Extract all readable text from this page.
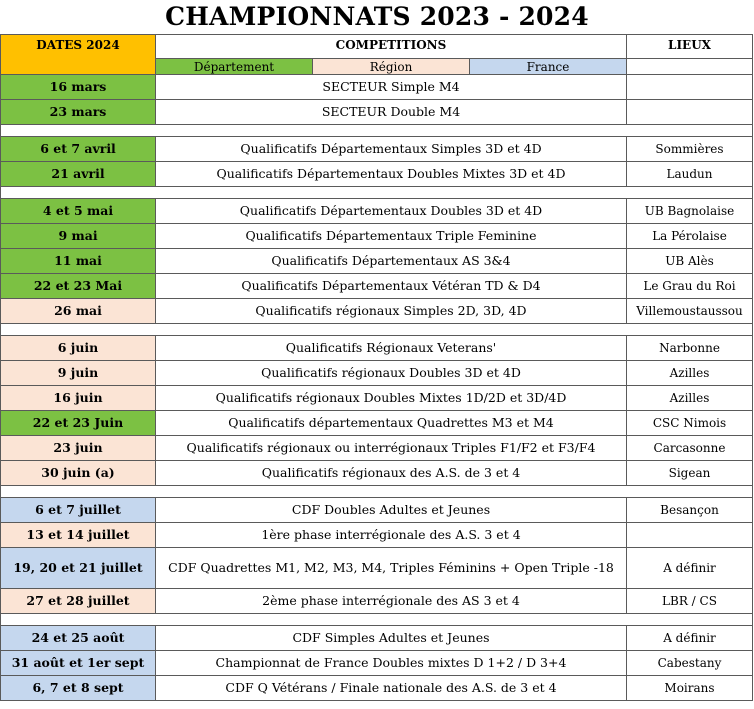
CHAMPIONNATS 2023 - 2024
DATES 2024	COMPETITIONS			LIEUX
	Département	Région	France	
16 mars	SECTEUR Simple M4			
23 mars	SECTEUR Double M4			

6 et 7 avril	Qualificatifs Départementaux Simples 3D et 4D			Sommières
21 avril	Qualificatifs Départementaux Doubles Mixtes 3D et 4D			Laudun

4 et 5 mai	Qualificatifs Départementaux Doubles 3D et 4D			UB Bagnolaise
9 mai	Qualificatifs Départementaux Triple Feminine			La Pérolaise
11 mai	Qualificatifs Départementaux AS 3&4			UB Alès
22 et 23 Mai	Qualificatifs Départementaux Vétéran TD & D4			Le Grau du Roi
26 mai	Qualificatifs régionaux Simples 2D, 3D, 4D			Villemoustaussou

6 juin	Qualificatifs Régionaux Veterans'			Narbonne
9 juin	Qualificatifs régionaux Doubles 3D et 4D			Azilles
16 juin	Qualificatifs régionaux Doubles Mixtes 1D/2D et 3D/4D			Azilles
22 et 23 Juin	Qualificatifs départementaux Quadrettes M3 et M4			CSC Nimois
23 juin	Qualificatifs régionaux ou interrégionaux Triples F1/F2 et F3/F4			Carcasonne
30 juin (a)	Qualificatifs régionaux des A.S. de 3 et 4			Sigean

6 et 7 juillet	CDF Doubles Adultes et Jeunes			Besançon
13 et 14 juillet	1ère phase interrégionale des A.S. 3 et 4			
19, 20 et 21 juillet	CDF Quadrettes M1, M2, M3, M4, Triples Féminins + Open Triple -18			A définir
27 et 28 juillet	2ème phase interrégionale des AS 3 et 4			LBR / CS

24 et 25 août	CDF Simples Adultes et Jeunes			A définir
31 août et 1er sept	Championnat de France Doubles mixtes D 1+2 / D 3+4			Cabestany
6, 7 et 8 sept	CDF Q Vétérans / Finale nationale des A.S. de 3 et 4			Moirans
